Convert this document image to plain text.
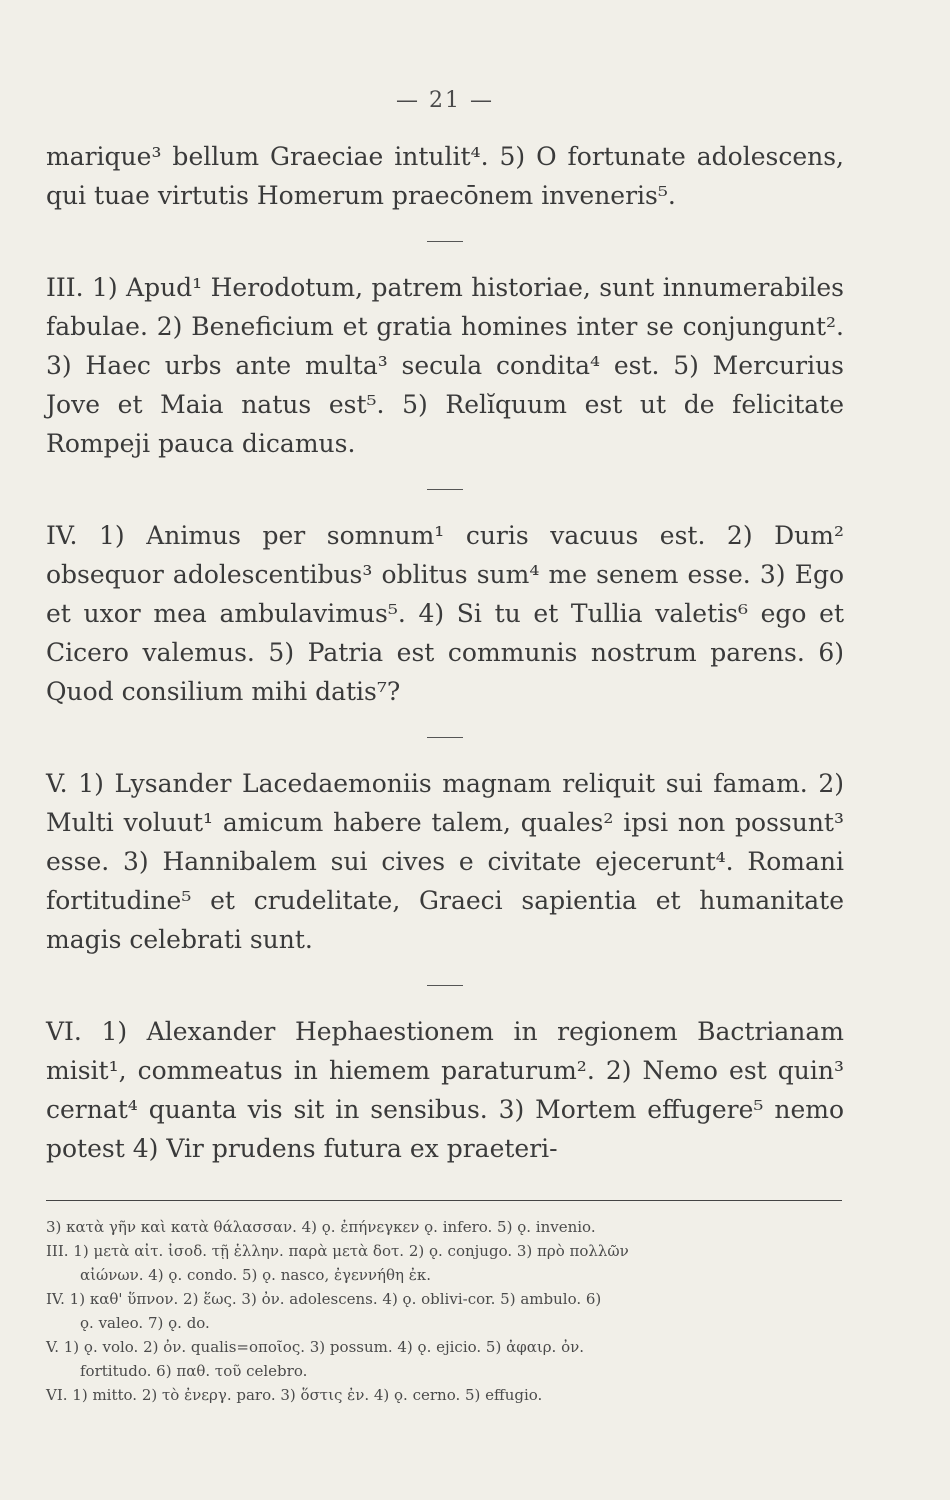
— 21 —

marique³ bellum Graeciae intulit⁴. 5) O fortunate adolescens, qui tuae virtutis Homerum praecōnem inveneris⁵.

III. 1) Apud¹ Herodotum, patrem historiae, sunt innumerabiles fabulae. 2) Beneficium et gratia homines inter se conjungunt². 3) Haec urbs ante multa³ secula condita⁴ est. 5) Mercurius Jove et Maia natus est⁵. 5) Relĭquum est ut de felicitate Rompeji pauca dicamus.

IV. 1) Animus per somnum¹ curis vacuus est. 2) Dum² obsequor adolescentibus³ oblitus sum⁴ me senem esse. 3) Ego et uxor mea ambulavimus⁵. 4) Si tu et Tullia valetis⁶ ego et Cicero valemus. 5) Patria est communis nostrum parens. 6) Quod consilium mihi datis⁷?

V. 1) Lysander Lacedaemoniis magnam reliquit sui famam. 2) Multi voluut¹ amicum habere talem, quales² ipsi non possunt³ esse. 3) Hannibalem sui cives e civitate ejecerunt⁴. Romani fortitudine⁵ et crudelitate, Graeci sapientia et humanitate magis celebrati sunt.

VI. 1) Alexander Hephaestionem in regionem Bactrianam misit¹, commeatus in hiemem paraturum². 2) Nemo est quin³ cernat⁴ quanta vis sit in sensibus. 3) Mortem effugere⁵ nemo potest 4) Vir prudens futura ex praeteri-

3) κατὰ γῆν καὶ κατὰ θάλασσαν. 4) ǫ. ἐπήνεγκεν ǫ. infero. 5) ǫ. invenio.

III. 1) μετὰ αἰτ. ἰσοδ. τῇ ἑλλην. παρὰ μετὰ δοτ. 2) ǫ. conjugo. 3) πρὸ πολλῶν
αἰώνων. 4) ǫ. condo. 5) ǫ. nasco, ἐγεννήθη ἐκ.

IV. 1) καθ' ὕπνον. 2) ἕως. 3) ὀν. adolescens. 4) ǫ. oblivi-cor. 5) ambulo. 6)
ǫ. valeo. 7) ǫ. do.

V. 1) ǫ. volo. 2) ὀν. qualis=οποῖος. 3) possum. 4) ǫ. ejicio. 5) ἀφαιρ. ὀν.
fortitudo. 6) παθ. τοῦ celebro.

VI. 1) mitto. 2) τὸ ἐνεργ. paro. 3) ὅστις ἐν. 4) ǫ. cerno. 5) effugio.
